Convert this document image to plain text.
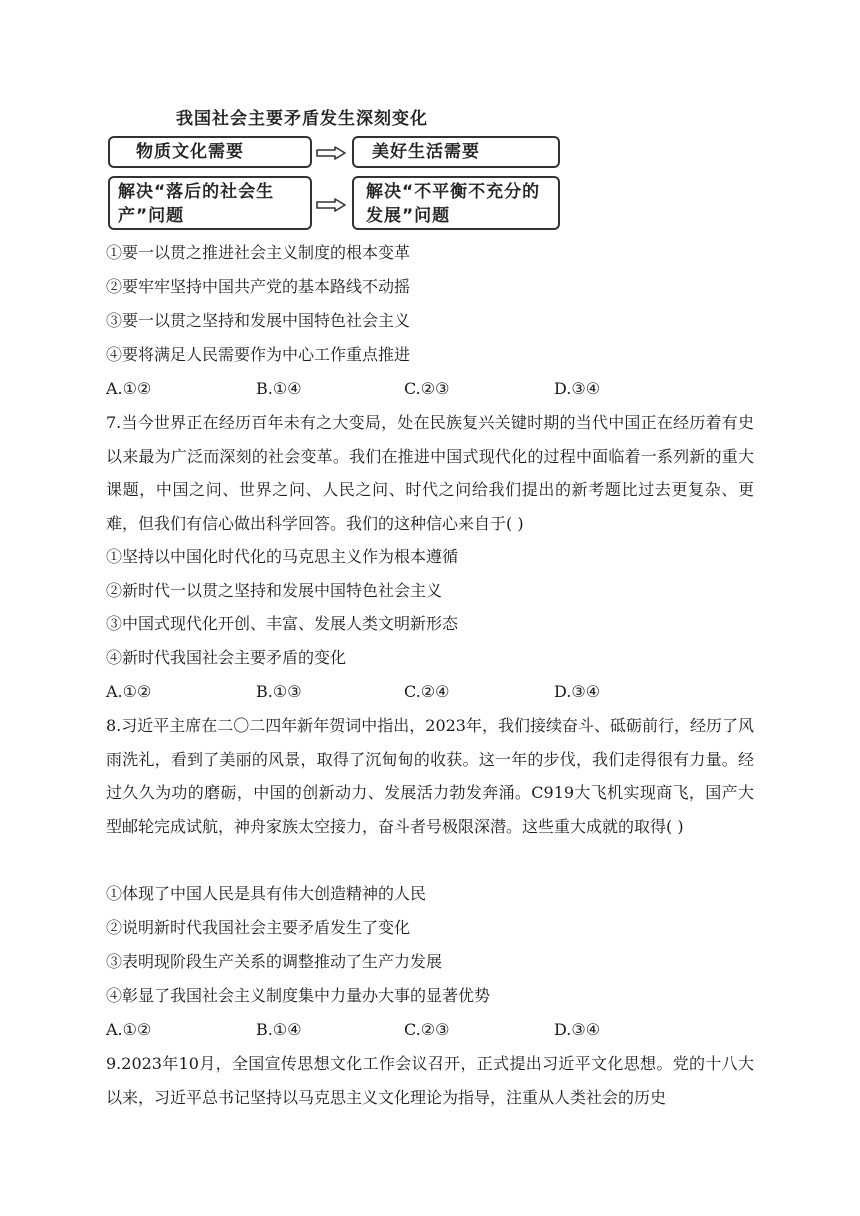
我国社会主要矛盾发生深刻变化
物质文化需要	美好生活需要
解决“落后的社会生产”问题
解决“不平衡不充分的发展”问题
①要一以贯之推进社会主义制度的根本变革
②要牢牢坚持中国共产党的基本路线不动摇
③要一以贯之坚持和发展中国特色社会主义
④要将满足人民需要作为中心工作重点推进
A.①②	B.①④	C.②③	D.③④
7.当今世界正在经历百年未有之大变局，处在民族复兴关键时期的当代中国正在经历着有史以来最为广泛而深刻的社会变革。我们在推进中国式现代化的过程中面临着一系列新的重大课题，中国之问、世界之问、人民之问、时代之问给我们提出的新考题比过去更复杂、更难，但我们有信心做出科学回答。我们的这种信心来自于( )
①坚持以中国化时代化的马克思主义作为根本遵循
②新时代一以贯之坚持和发展中国特色社会主义
③中国式现代化开创、丰富、发展人类文明新形态
④新时代我国社会主要矛盾的变化
A.①②	B.①③	C.②④	D.③④
8.习近平主席在二〇二四年新年贺词中指出，2023年，我们接续奋斗、砥砺前行，经历了风雨洗礼，看到了美丽的风景，取得了沉甸甸的收获。这一年的步伐，我们走得很有力量。经过久久为功的磨砺，中国的创新动力、发展活力勃发奔涌。C919大飞机实现商飞，国产大型邮轮完成试航，神舟家族太空接力，奋斗者号极限深潜。这些重大成就的取得( )
①体现了中国人民是具有伟大创造精神的人民
②说明新时代我国社会主要矛盾发生了变化
③表明现阶段生产关系的调整推动了生产力发展
④彰显了我国社会主义制度集中力量办大事的显著优势
A.①②	B.①④	C.②③	D.③④
9.2023年10月，全国宣传思想文化工作会议召开，正式提出习近平文化思想。党的十八大以来，习近平总书记坚持以马克思主义文化理论为指导，注重从人类社会的历史
